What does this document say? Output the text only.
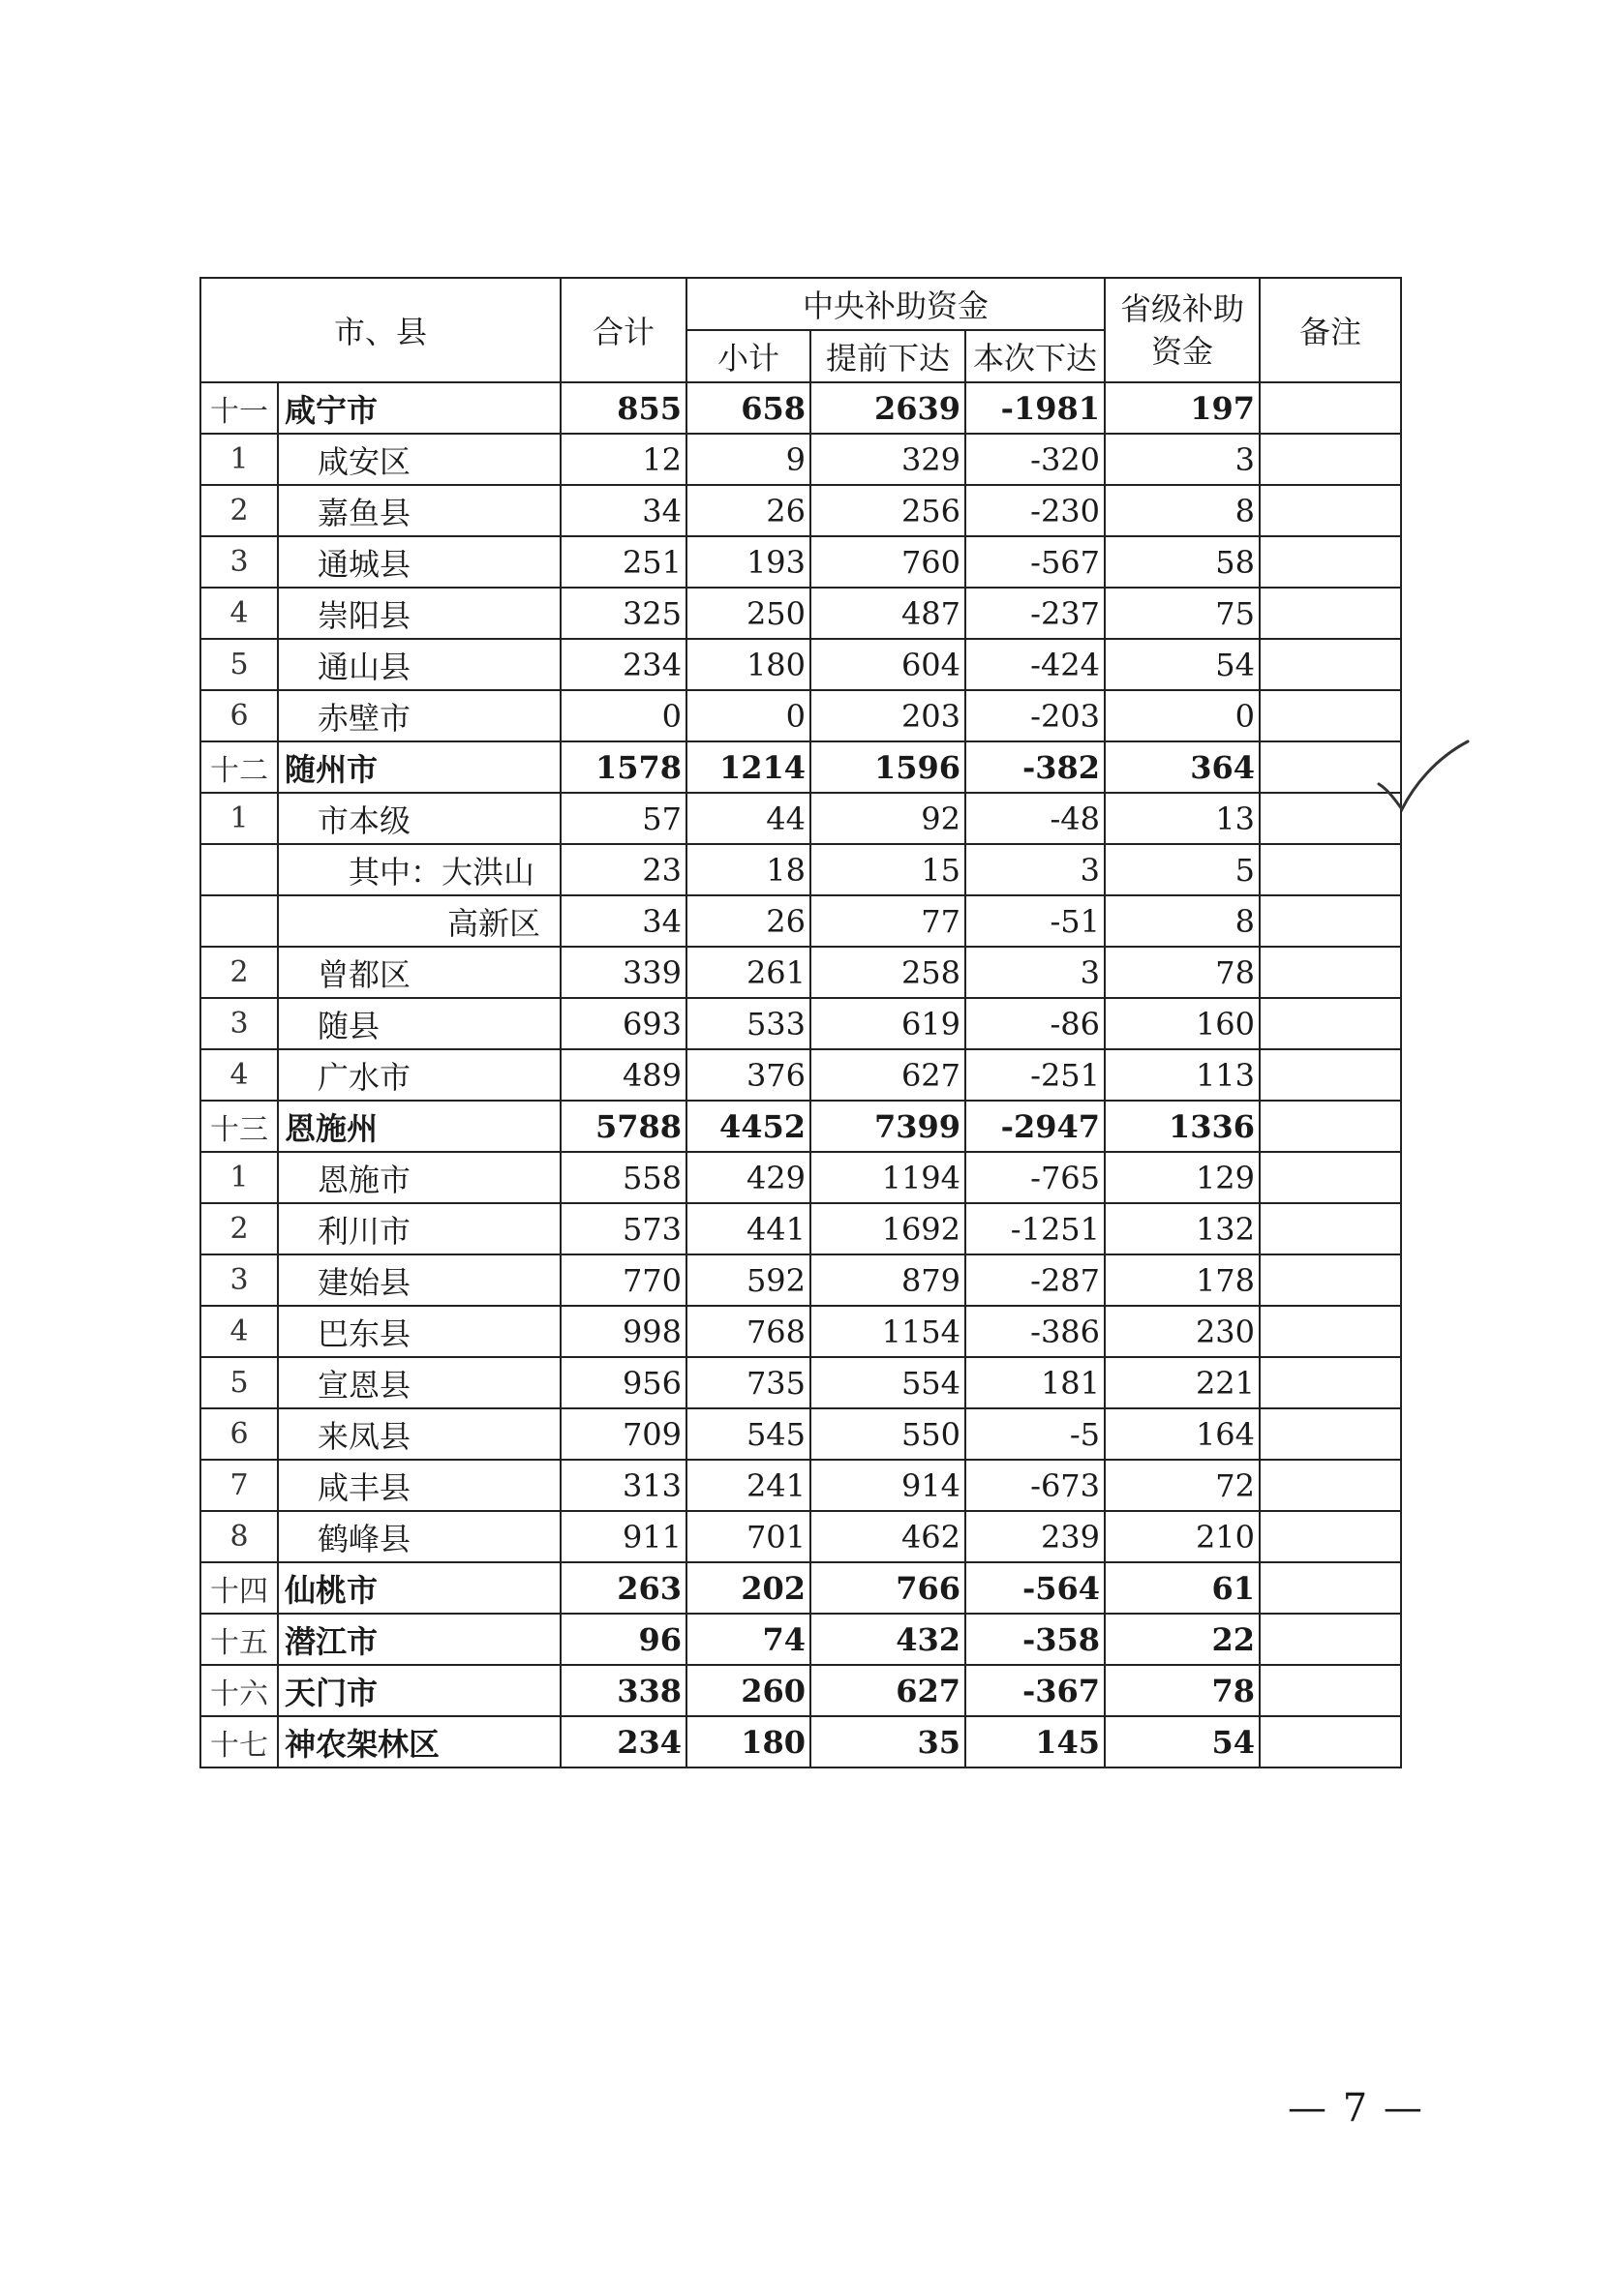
市、县		合计	中央补助资金			省级补助资金	备注
			小计	提前下达	本次下达		
十一	咸宁市	855	658	2639	-1981	197	
1	咸安区	12	9	329	-320	3	
2	嘉鱼县	34	26	256	-230	8	
3	通城县	251	193	760	-567	58	
4	崇阳县	325	250	487	-237	75	
5	通山县	234	180	604	-424	54	
6	赤壁市	0	0	203	-203	0	
十二	随州市	1578	1214	1596	-382	364	
1	市本级	57	44	92	-48	13	
	其中：大洪山	23	18	15	3	5	
	高新区	34	26	77	-51	8	
2	曾都区	339	261	258	3	78	
3	随县	693	533	619	-86	160	
4	广水市	489	376	627	-251	113	
十三	恩施州	5788	4452	7399	-2947	1336	
1	恩施市	558	429	1194	-765	129	
2	利川市	573	441	1692	-1251	132	
3	建始县	770	592	879	-287	178	
4	巴东县	998	768	1154	-386	230	
5	宣恩县	956	735	554	181	221	
6	来凤县	709	545	550	-5	164	
7	咸丰县	313	241	914	-673	72	
8	鹤峰县	911	701	462	239	210	
十四	仙桃市	263	202	766	-564	61	
十五	潜江市	96	74	432	-358	22	
十六	天门市	338	260	627	-367	78	
十七	神农架林区	234	180	35	145	54	
— 7 —
